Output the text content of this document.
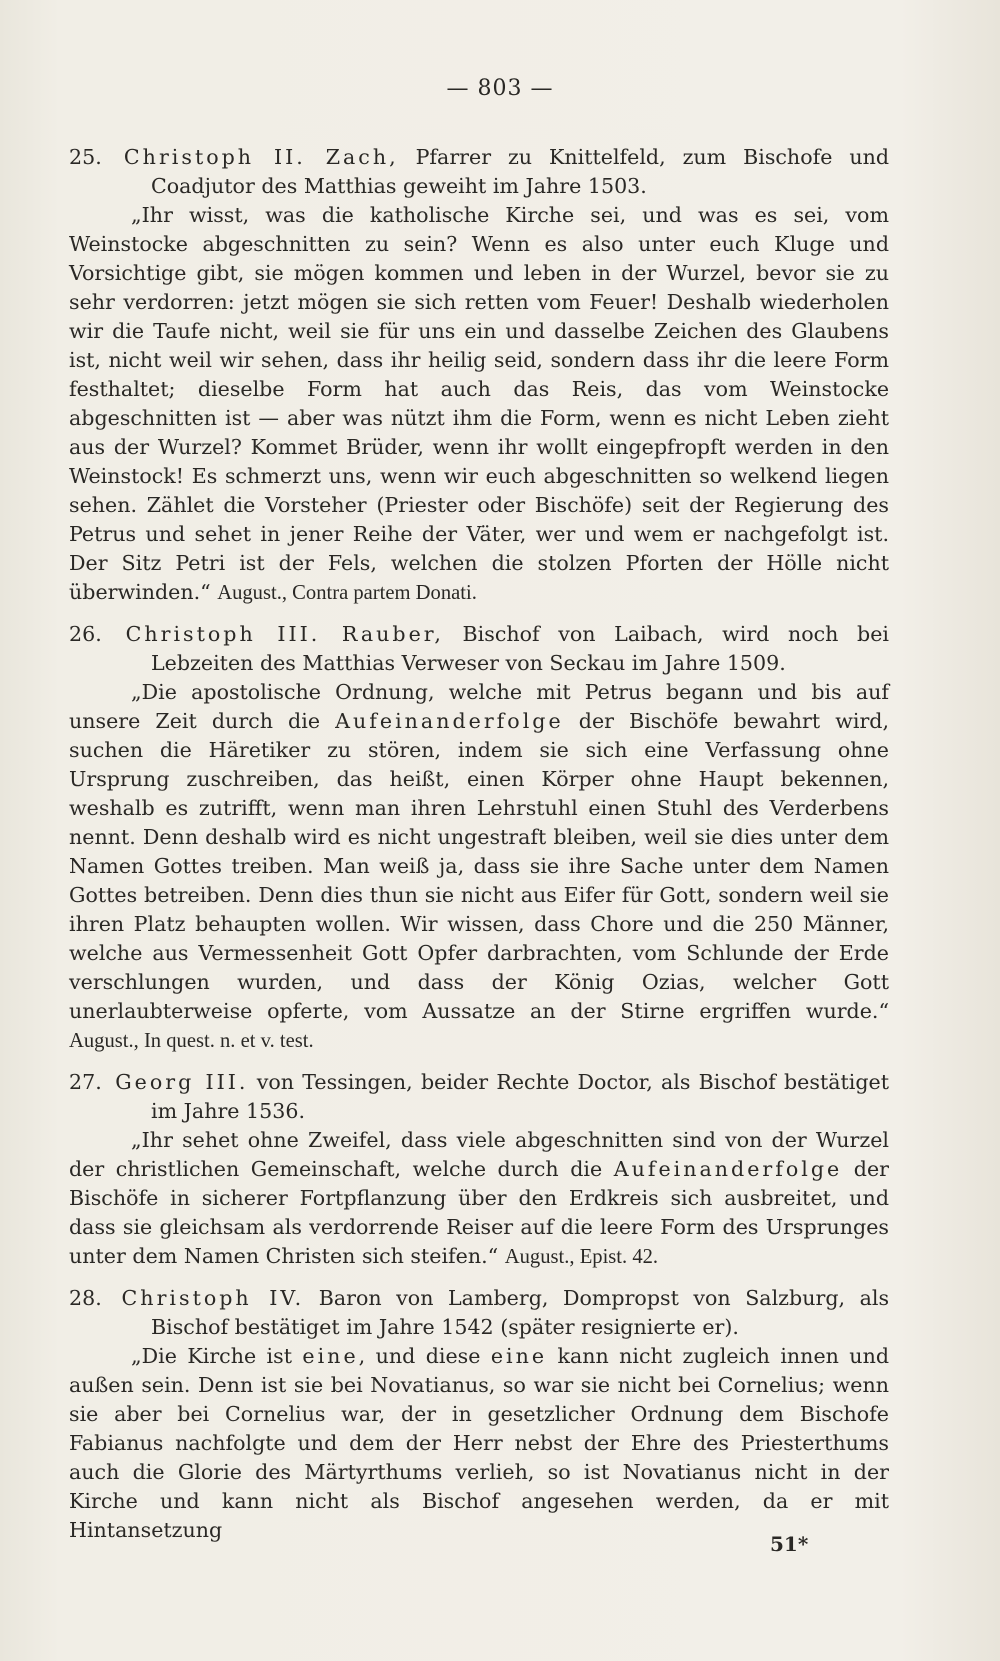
— 803 —
25. Christoph II. Zach, Pfarrer zu Knittelfeld, zum Bischofe und Coadjutor des Matthias geweiht im Jahre 1503.
„Ihr wisst, was die katholische Kirche sei, und was es sei, vom Weinstocke abgeschnitten zu sein? Wenn es also unter euch Kluge und Vorsichtige gibt, sie mögen kommen und leben in der Wurzel, bevor sie zu sehr verdorren: jetzt mögen sie sich retten vom Feuer! Deshalb wiederholen wir die Taufe nicht, weil sie für uns ein und dasselbe Zeichen des Glaubens ist, nicht weil wir sehen, dass ihr heilig seid, sondern dass ihr die leere Form festhaltet; dieselbe Form hat auch das Reis, das vom Weinstocke abgeschnitten ist — aber was nützt ihm die Form, wenn es nicht Leben zieht aus der Wurzel? Kommet Brüder, wenn ihr wollt eingepfropft werden in den Weinstock! Es schmerzt uns, wenn wir euch abgeschnitten so welkend liegen sehen. Zählet die Vorsteher (Priester oder Bischöfe) seit der Regierung des Petrus und sehet in jener Reihe der Väter, wer und wem er nachgefolgt ist. Der Sitz Petri ist der Fels, welchen die stolzen Pforten der Hölle nicht überwinden.“ August., Contra partem Donati.
26. Christoph III. Rauber, Bischof von Laibach, wird noch bei Lebzeiten des Matthias Verweser von Seckau im Jahre 1509.
„Die apostolische Ordnung, welche mit Petrus begann und bis auf unsere Zeit durch die Aufeinanderfolge der Bischöfe bewahrt wird, suchen die Häretiker zu stören, indem sie sich eine Verfassung ohne Ursprung zuschreiben, das heißt, einen Körper ohne Haupt bekennen, weshalb es zutrifft, wenn man ihren Lehrstuhl einen Stuhl des Verderbens nennt. Denn deshalb wird es nicht ungestraft bleiben, weil sie dies unter dem Namen Gottes treiben. Man weiß ja, dass sie ihre Sache unter dem Namen Gottes betreiben. Denn dies thun sie nicht aus Eifer für Gott, sondern weil sie ihren Platz behaupten wollen. Wir wissen, dass Chore und die 250 Männer, welche aus Vermessenheit Gott Opfer darbrachten, vom Schlunde der Erde verschlungen wurden, und dass der König Ozias, welcher Gott unerlaubterweise opferte, vom Aussatze an der Stirne ergriffen wurde.“ August., In quest. n. et v. test.
27. Georg III. von Tessingen, beider Rechte Doctor, als Bischof bestätiget im Jahre 1536.
„Ihr sehet ohne Zweifel, dass viele abgeschnitten sind von der Wurzel der christlichen Gemeinschaft, welche durch die Aufeinanderfolge der Bischöfe in sicherer Fortpflanzung über den Erdkreis sich ausbreitet, und dass sie gleichsam als verdorrende Reiser auf die leere Form des Ursprunges unter dem Namen Christen sich steifen.“ August., Epist. 42.
28. Christoph IV. Baron von Lamberg, Dompropst von Salzburg, als Bischof bestätiget im Jahre 1542 (später resignierte er).
„Die Kirche ist eine, und diese eine kann nicht zugleich innen und außen sein. Denn ist sie bei Novatianus, so war sie nicht bei Cornelius; wenn sie aber bei Cornelius war, der in gesetzlicher Ordnung dem Bischofe Fabianus nachfolgte und dem der Herr nebst der Ehre des Priesterthums auch die Glorie des Märtyrthums verlieh, so ist Novatianus nicht in der Kirche und kann nicht als Bischof angesehen werden, da er mit Hintansetzung
51*
